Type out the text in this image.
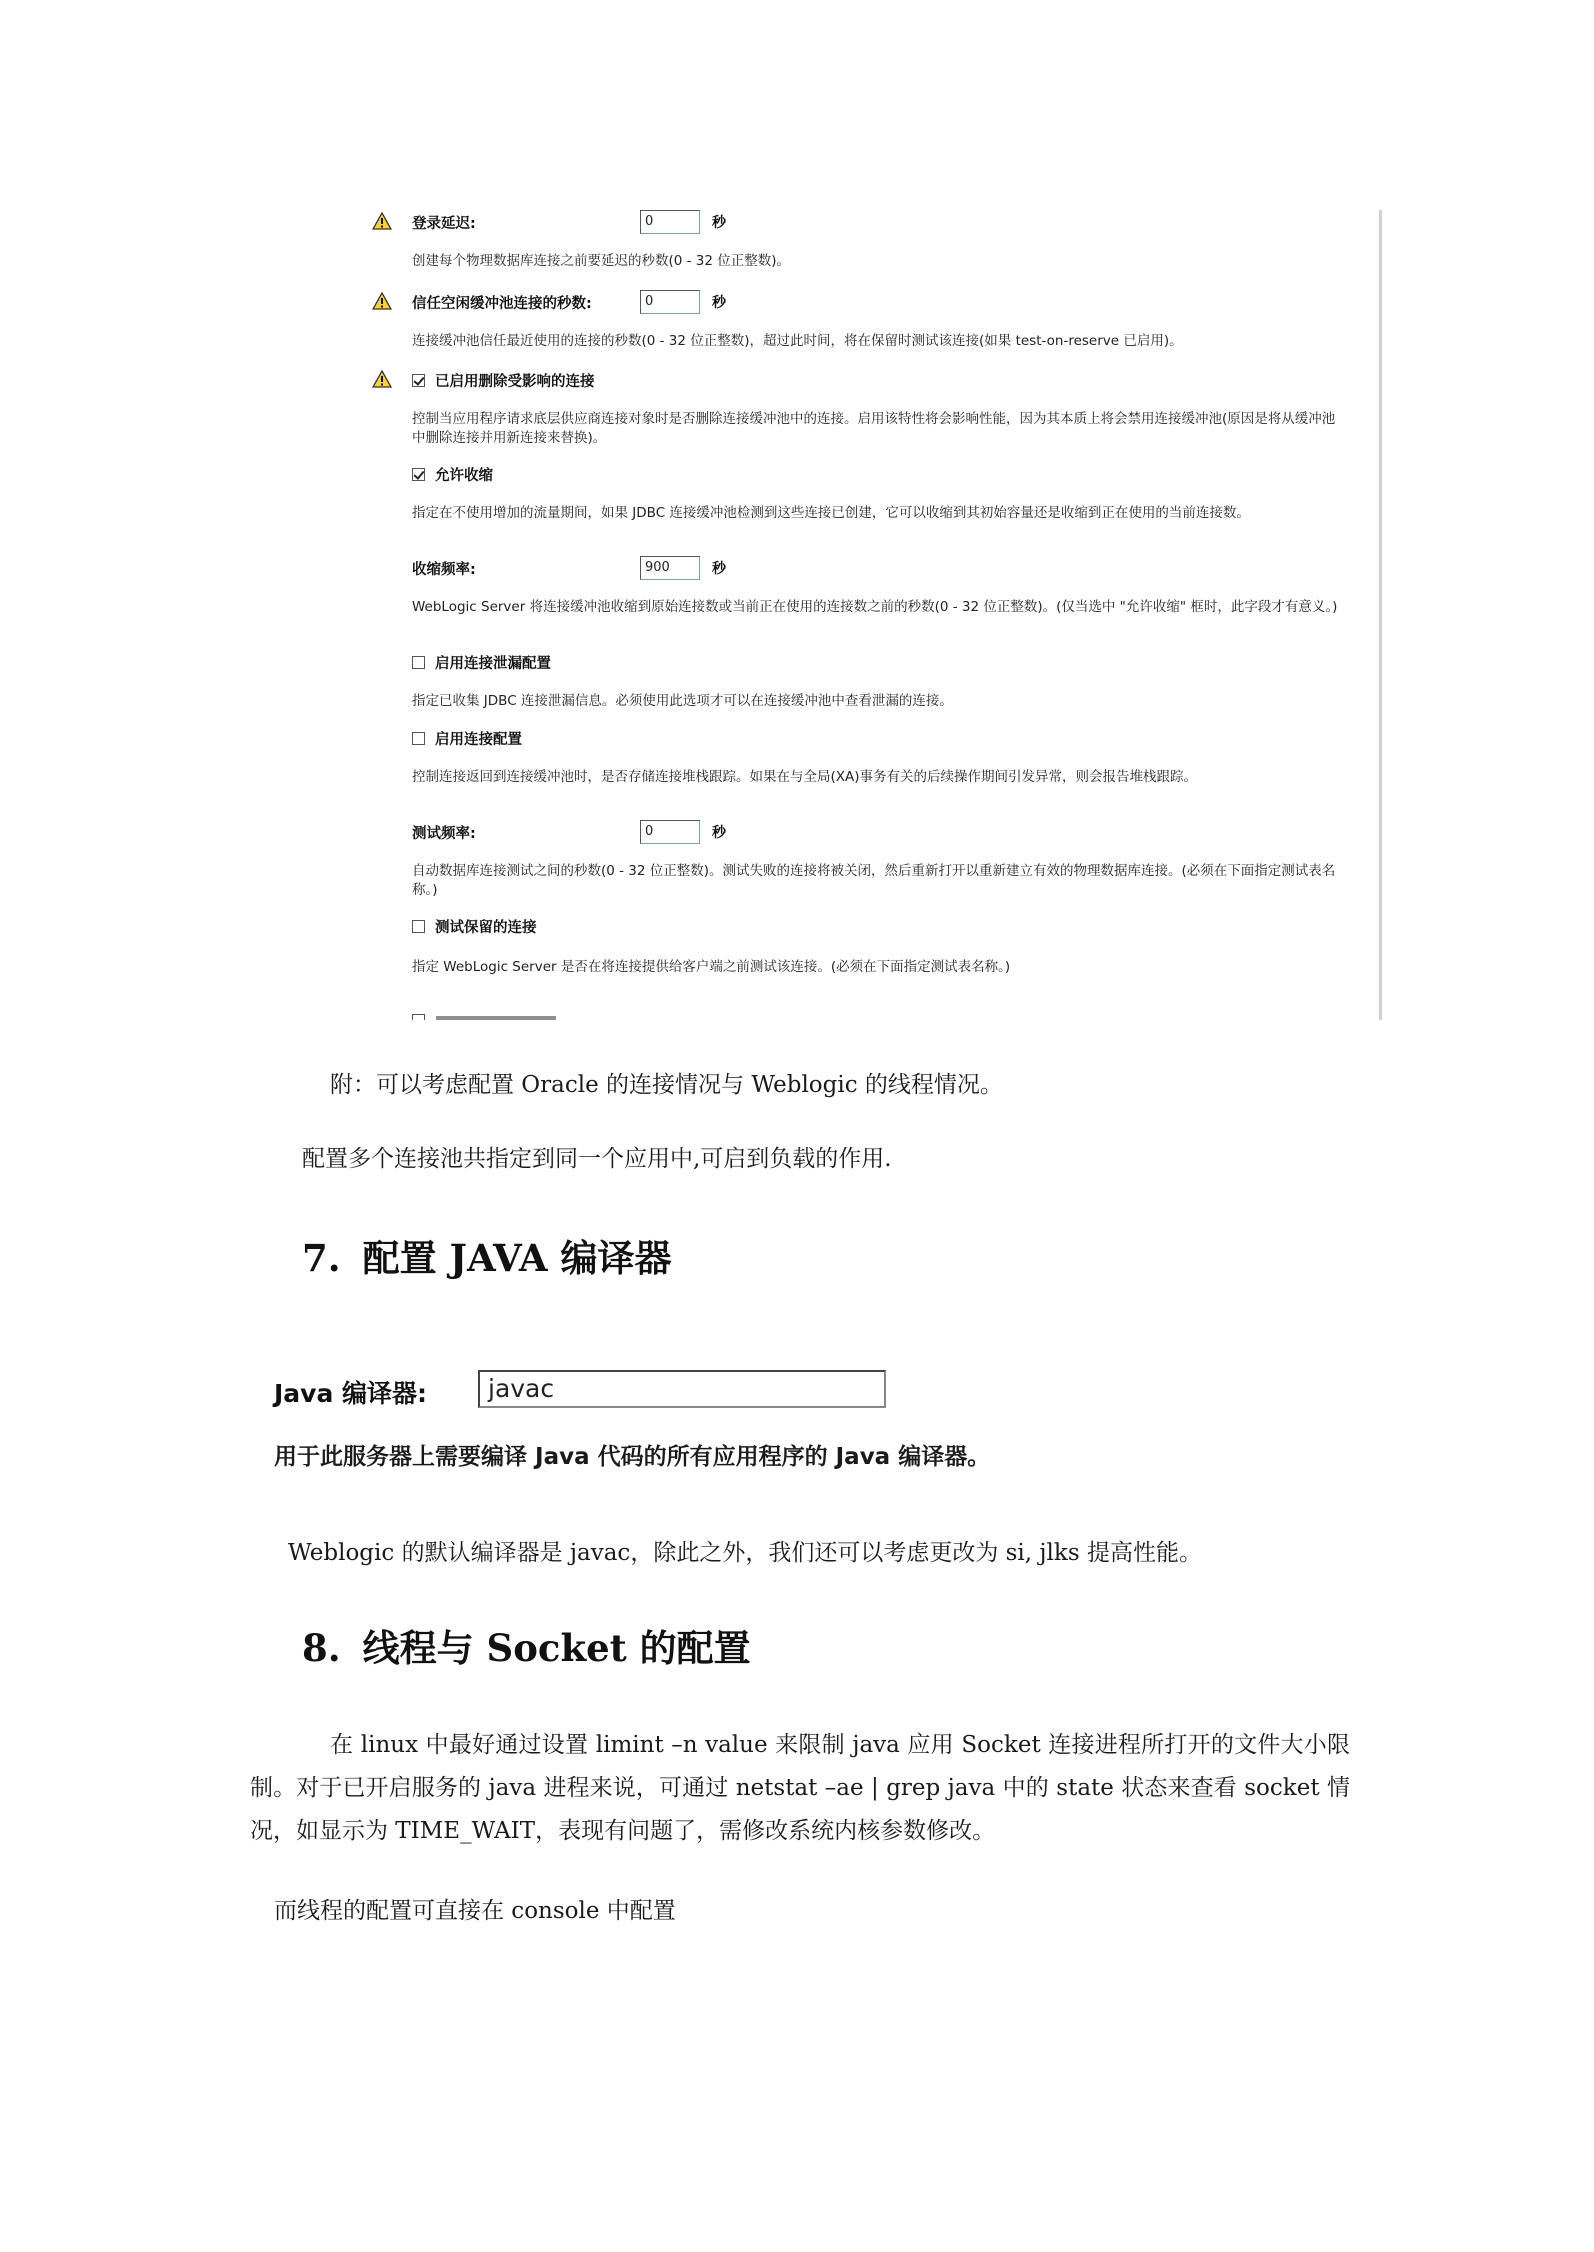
登录延迟:	0	秒
创建每个物理数据库连接之前要延迟的秒数(0 - 32 位正整数)。
信任空闲缓冲池连接的秒数:	0	秒
连接缓冲池信任最近使用的连接的秒数(0 - 32 位正整数)，超过此时间，将在保留时测试该连接(如果 test-on-reserve 已启用)。
已启用删除受影响的连接
控制当应用程序请求底层供应商连接对象时是否删除连接缓冲池中的连接。启用该特性将会影响性能，因为其本质上将会禁用连接缓冲池(原因是将从缓冲池中删除连接并用新连接来替换)。
允许收缩
指定在不使用增加的流量期间，如果 JDBC 连接缓冲池检测到这些连接已创建，它可以收缩到其初始容量还是收缩到正在使用的当前连接数。
收缩频率:	900	秒
WebLogic Server 将连接缓冲池收缩到原始连接数或当前正在使用的连接数之前的秒数(0 - 32 位正整数)。(仅当选中 "允许收缩" 框时，此字段才有意义。)
启用连接泄漏配置
指定已收集 JDBC 连接泄漏信息。必须使用此选项才可以在连接缓冲池中查看泄漏的连接。
启用连接配置
控制连接返回到连接缓冲池时，是否存储连接堆栈跟踪。如果在与全局(XA)事务有关的后续操作期间引发异常，则会报告堆栈跟踪。
测试频率:	0	秒
自动数据库连接测试之间的秒数(0 - 32 位正整数)。测试失败的连接将被关闭，然后重新打开以重新建立有效的物理数据库连接。(必须在下面指定测试表名称。)
测试保留的连接
指定 WebLogic Server 是否在将连接提供给客户端之前测试该连接。(必须在下面指定测试表名称。)
附：可以考虑配置 Oracle 的连接情况与 Weblogic 的线程情况。
配置多个连接池共指定到同一个应用中,可启到负载的作用.
7. 配置 JAVA 编译器
Java 编译器:	javac
用于此服务器上需要编译 Java 代码的所有应用程序的 Java 编译器。
Weblogic 的默认编译器是 javac，除此之外，我们还可以考虑更改为 si, jlks 提高性能。
8. 线程与 Socket 的配置
在 linux 中最好通过设置 limint –n value 来限制 java 应用 Socket 连接进程所打开的文件大小限制。对于已开启服务的 java 进程来说，可通过 netstat –ae | grep java 中的 state 状态来查看 socket 情况，如显示为 TIME_WAIT，表现有问题了，需修改系统内核参数修改。
而线程的配置可直接在 console 中配置
